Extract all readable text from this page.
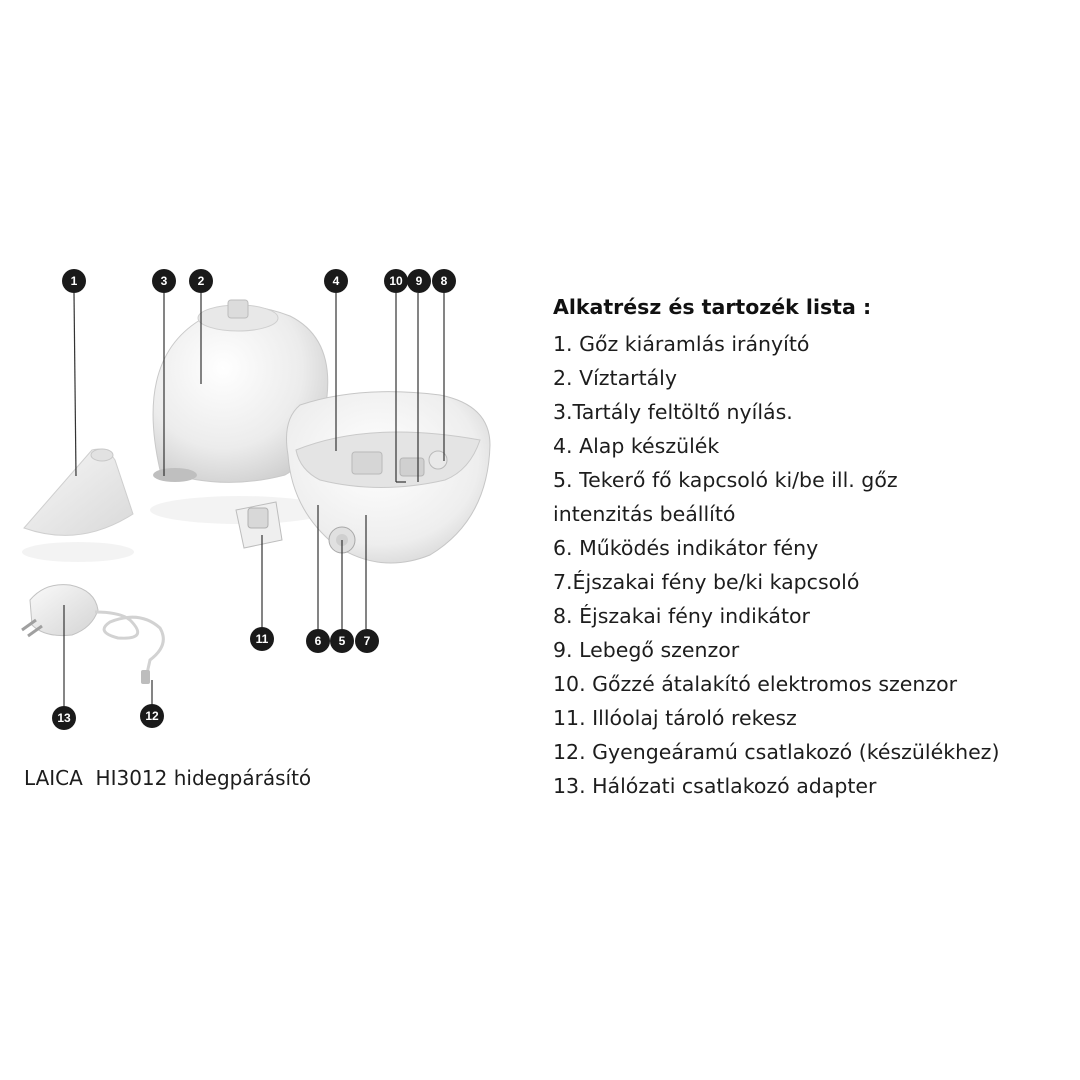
1	3	2	4	10 9 8
11	6 5 7
13	12
Alkatrész és tartozék lista :
1. Gőz kiáramlás irányító
2. Víztartály
3.Tartály feltöltő nyílás.
4. Alap készülék
5. Tekerő fő kapcsoló ki/be ill. gőz
intenzitás beállító
6. Működés indikátor fény
7.Éjszakai fény be/ki kapcsoló
8. Éjszakai fény indikátor
9. Lebegő szenzor
10. Gőzzé átalakító elektromos szenzor
11. Illóolaj tároló rekesz
12. Gyengeáramú csatlakozó (készülékhez)
13. Hálózati csatlakozó adapter
LAICA  HI3012 hidegpárásító
